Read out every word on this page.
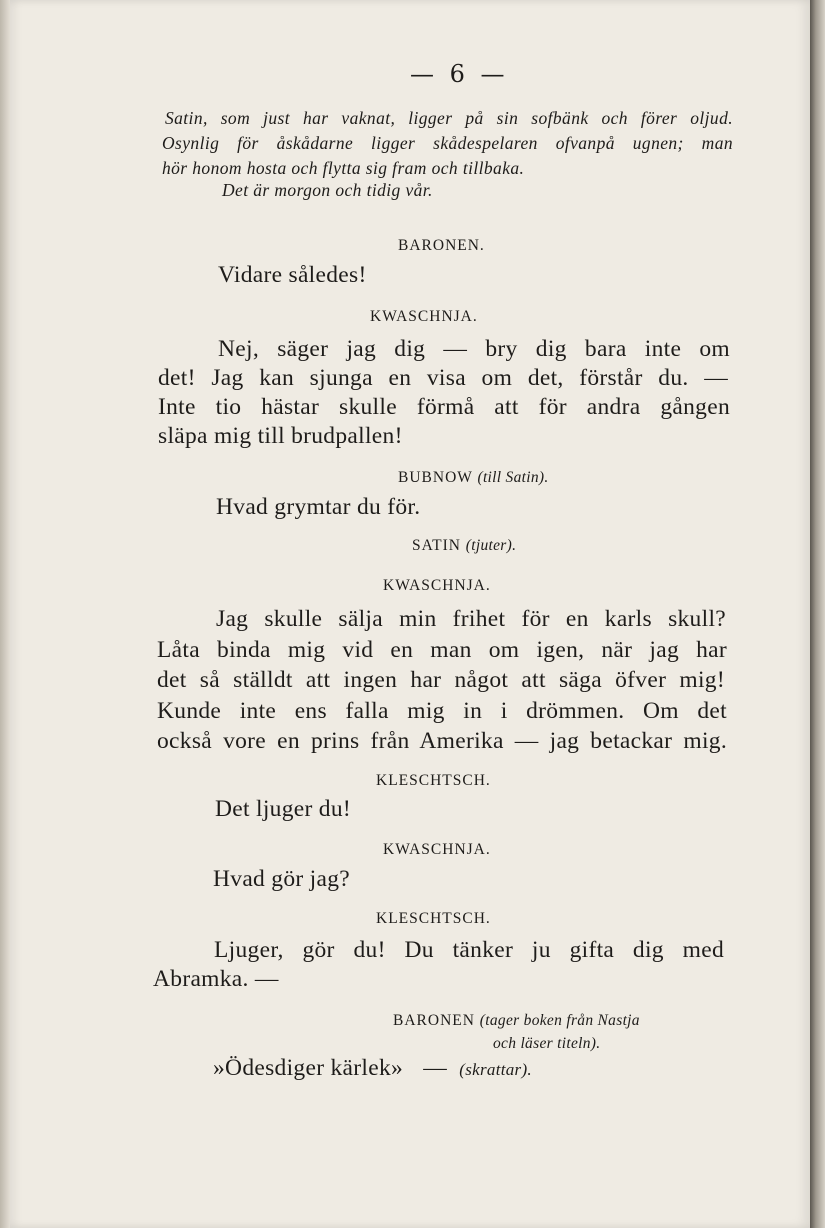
— 6 —
Satin, som just har vaknat, ligger på sin sofbänk och förer oljud.
Osynlig för åskådarne ligger skådespelaren ofvanpå ugnen; man
hör honom hosta och flytta sig fram och tillbaka.
Det är morgon och tidig vår.
BARONEN.
Vidare således!
KWASCHNJA.
Nej, säger jag dig — bry dig bara inte om
det! Jag kan sjunga en visa om det, förstår du. —
Inte tio hästar skulle förmå att för andra gången
släpa mig till brudpallen!
BUBNOW (till Satin).
Hvad grymtar du för.
SATIN (tjuter).
KWASCHNJA.
Jag skulle sälja min frihet för en karls skull?
Låta binda mig vid en man om igen, när jag har
det så ställdt att ingen har något att säga öfver mig!
Kunde inte ens falla mig in i drömmen. Om det
också vore en prins från Amerika — jag betackar mig.
KLESCHTSCH.
Det ljuger du!
KWASCHNJA.
Hvad gör jag?
KLESCHTSCH.
Ljuger, gör du! Du tänker ju gifta dig med
Abramka. —
BARONEN (tager boken från Nastja
och läser titeln).
»Ödesdiger kärlek» — (skrattar).
